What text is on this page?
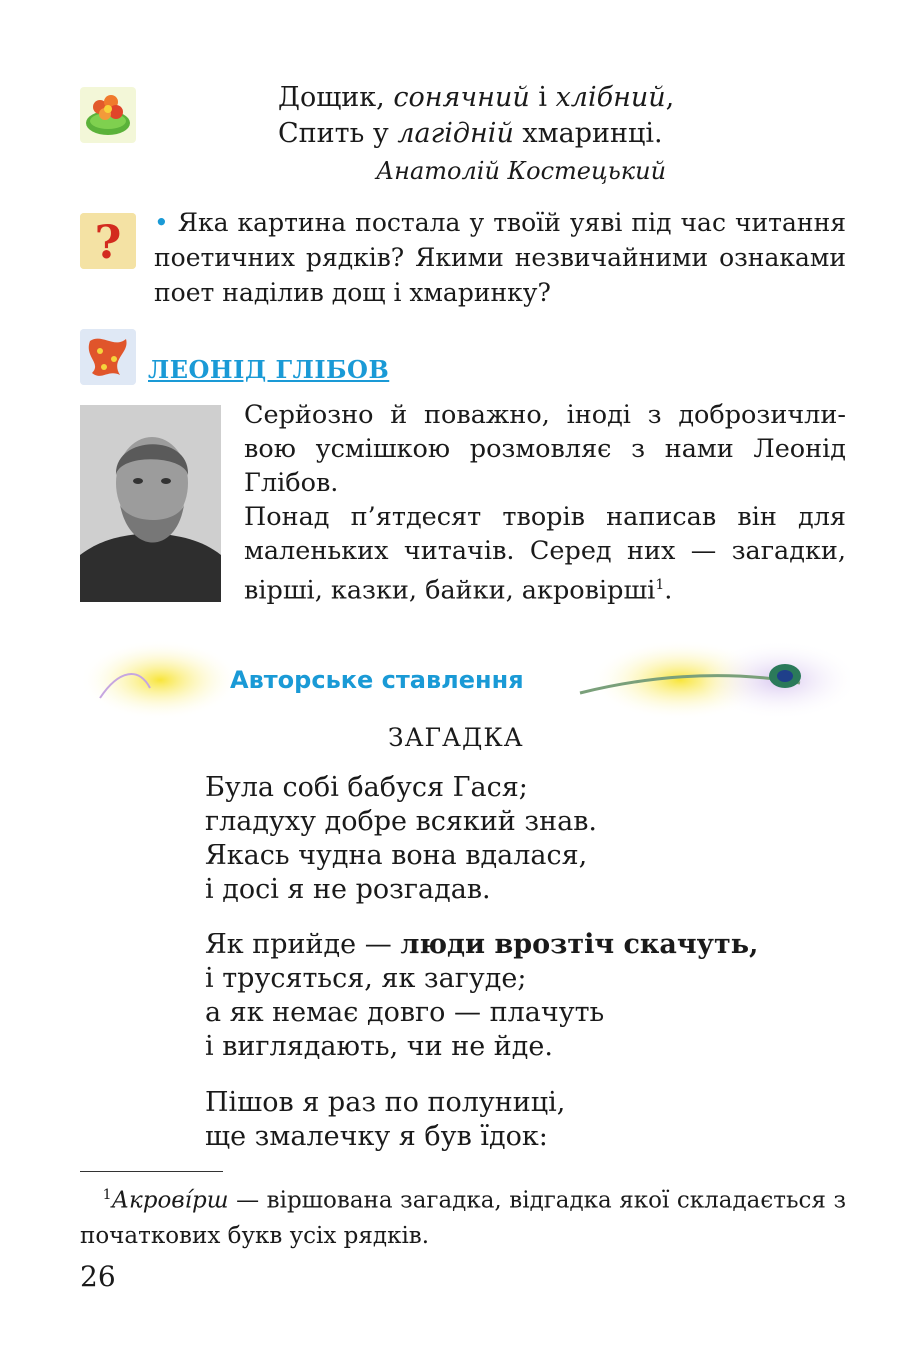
?
Дощик, сонячний і хлібний,
Спить у лагідній хмаринці.
Анатолій Костецький
• Яка картина постала у твоїй уяві під час читання поетичних рядків? Якими незвичайними ознаками поет наділив дощ і хмаринку?
ЛЕОНІД ГЛІБОВ

Серйозно й поважно, іноді з доброзичливою усмішкою розмовляє з нами Леонід Глібов.

Понад п’ятдесят творів написав він для маленьких читачів. Серед них — загадки, вірші, казки, байки, акровірші$^1$.

Авторське ставлення
ЗАГАДКА
Була собі бабуся Гася;
гладуху добре всякий знав.
Якась чудна вона вдалася,
і досі я не розгадав.
Як прийде — люди врозтіч скачуть,
і трусяться, як загуде;
а як немає довго — плачуть
і виглядають, чи не йде.
Пішов я раз по полуниці,
ще змалечку я був їдок:
$^1$Акрові́рш — віршована загадка, відгадка якої складається з початкових букв усіх рядків.
26
